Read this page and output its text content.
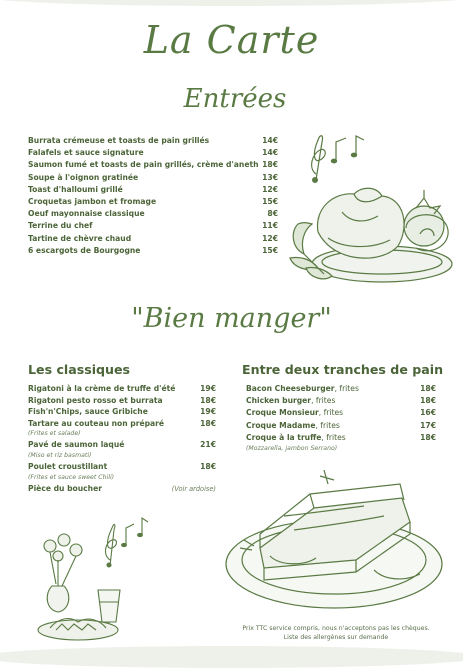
La Carte
Entrées
Burrata crémeuse et toasts de pain grillés	14€
Falafels et sauce signature	14€
Saumon fumé et toasts de pain grillés, crème d'aneth 18€
Soupe à l'oignon gratinée	13€
Toast d'halloumi grillé	12€
Croquetas jambon et fromage	15€
Oeuf mayonnaise classique	8€
Terrine du chef	11€
Tartine de chèvre chaud	12€
6 escargots de Bourgogne	15€
"Bien manger"
Les classiques	Entre deux tranches de pain
Rigatoni à la crème de truffe d'été	19€
Rigatoni pesto rosso et burrata	18€
Fish'n'Chips, sauce Gribiche	19€
Tartare au couteau non préparé	18€
(Frites et salade)
Pavé de saumon laqué	21€
(Miso et riz basmati)
Poulet croustillant	18€
(Frites et sauce sweet Chili)
Pièce du boucher	(Voir ardoise)
Bacon Cheeseburger, frites	18€
Chicken burger, frites	18€
Croque Monsieur, frites	16€
Croque Madame, frites	17€
Croque à la truffe, frites	18€
(Mozzarella, jambon Serrano)
Prix TTC service compris, nous n'acceptons pas les chèques.
Liste des allergènes sur demande
